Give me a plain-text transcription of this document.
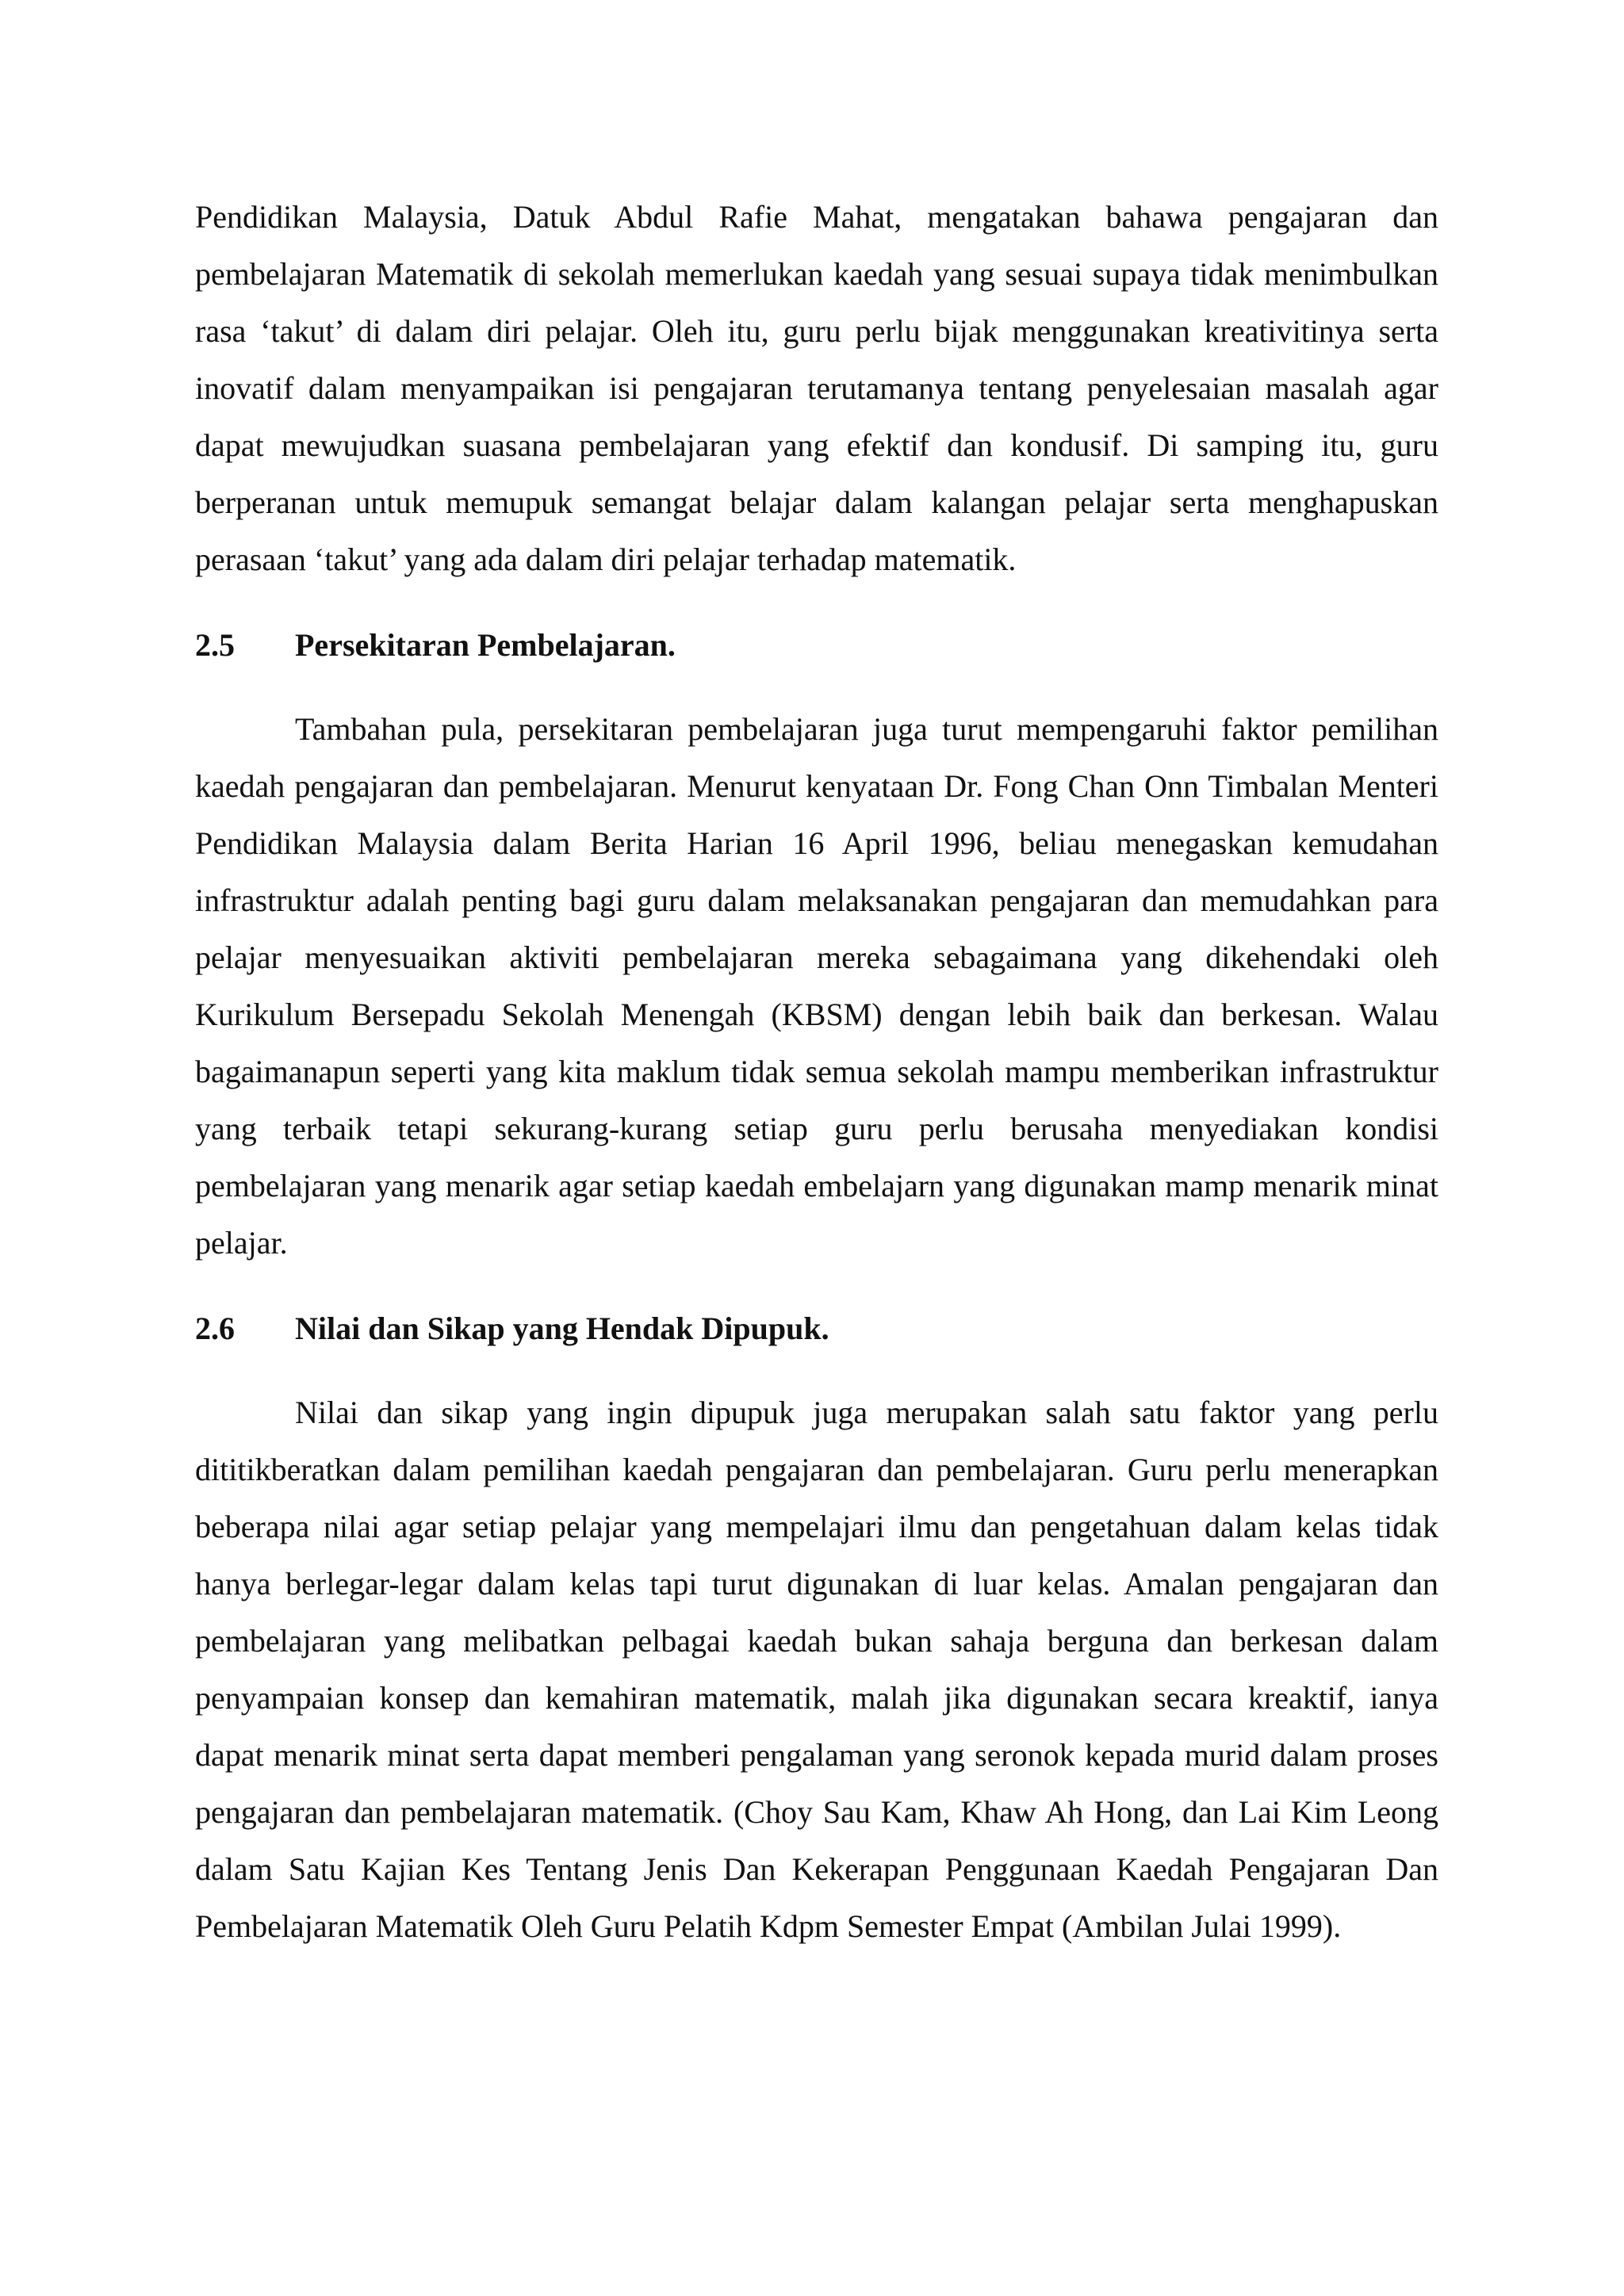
Pendidikan Malaysia, Datuk Abdul Rafie Mahat, mengatakan bahawa pengajaran dan pembelajaran Matematik di sekolah memerlukan kaedah yang sesuai supaya tidak menimbulkan rasa ‘takut’ di dalam diri pelajar. Oleh itu, guru perlu bijak menggunakan kreativitinya serta inovatif dalam menyampaikan isi pengajaran terutamanya tentang penyelesaian masalah agar dapat mewujudkan suasana pembelajaran yang efektif dan kondusif. Di samping itu, guru berperanan untuk memupuk semangat belajar dalam kalangan pelajar serta menghapuskan perasaan ‘takut’ yang ada dalam diri pelajar terhadap matematik.

2.5	Persekitaran Pembelajaran.

Tambahan pula, persekitaran pembelajaran juga turut mempengaruhi faktor pemilihan kaedah pengajaran dan pembelajaran. Menurut kenyataan Dr. Fong Chan Onn Timbalan Menteri Pendidikan Malaysia dalam Berita Harian 16 April 1996, beliau menegaskan kemudahan infrastruktur adalah penting bagi guru dalam melaksanakan pengajaran dan memudahkan para pelajar menyesuaikan aktiviti pembelajaran mereka sebagaimana yang dikehendaki oleh Kurikulum Bersepadu Sekolah Menengah (KBSM) dengan lebih baik dan berkesan. Walau bagaimanapun seperti yang kita maklum tidak semua sekolah mampu memberikan infrastruktur yang terbaik tetapi sekurang-kurang setiap guru perlu berusaha menyediakan kondisi pembelajaran yang menarik agar setiap kaedah embelajarn yang digunakan mamp menarik minat pelajar.

2.6	Nilai dan Sikap yang Hendak Dipupuk.

Nilai dan sikap yang ingin dipupuk juga merupakan salah satu faktor yang perlu dititikberatkan dalam pemilihan kaedah pengajaran dan pembelajaran. Guru perlu menerapkan beberapa nilai agar setiap pelajar yang mempelajari ilmu dan pengetahuan dalam kelas tidak hanya berlegar-legar dalam kelas tapi turut digunakan di luar kelas. Amalan pengajaran dan pembelajaran yang melibatkan pelbagai kaedah bukan sahaja berguna dan berkesan dalam penyampaian konsep dan kemahiran matematik, malah jika digunakan secara kreaktif, ianya dapat menarik minat serta dapat memberi pengalaman yang seronok kepada murid dalam proses pengajaran dan pembelajaran matematik. (Choy Sau Kam, Khaw Ah Hong, dan Lai Kim Leong dalam Satu Kajian Kes Tentang Jenis Dan Kekerapan Penggunaan Kaedah Pengajaran Dan Pembelajaran Matematik Oleh Guru Pelatih Kdpm Semester Empat (Ambilan Julai 1999).
